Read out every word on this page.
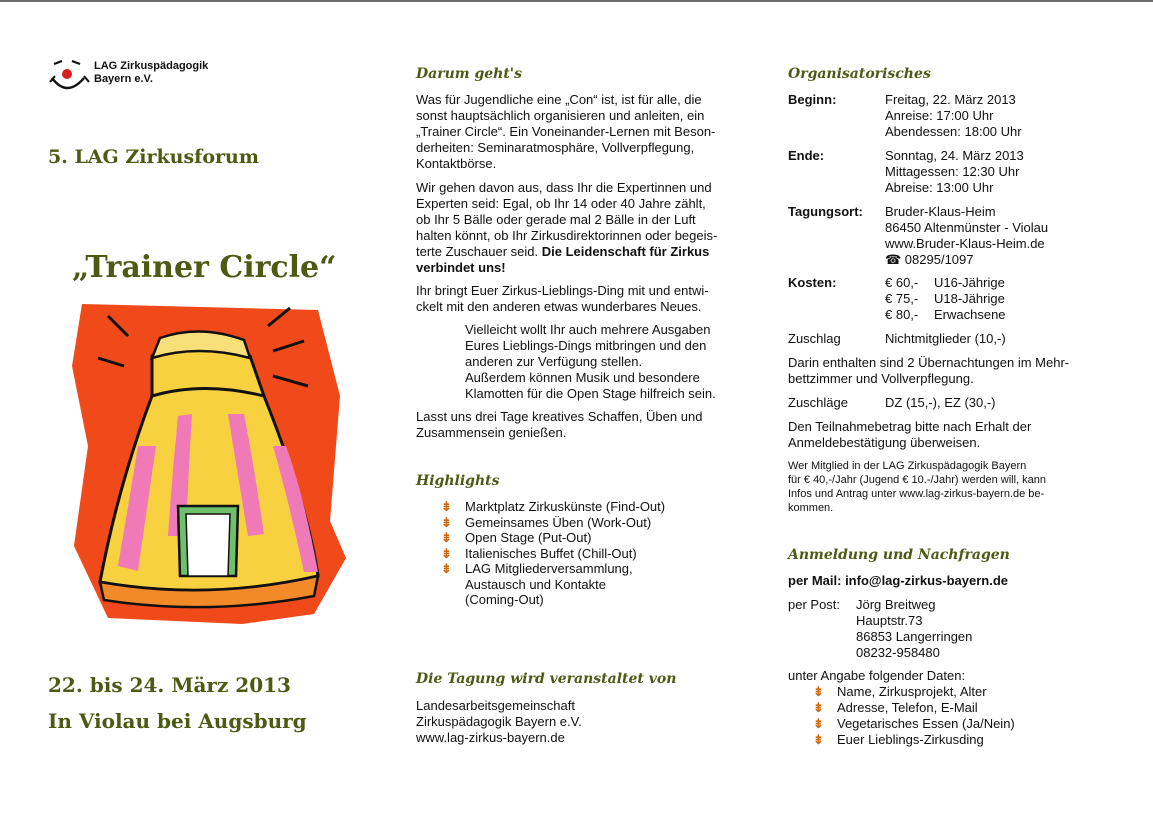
LAG Zirkuspädagogik
Bayern e.V.
5. LAG Zirkusforum
„Trainer Circle“
22. bis 24. März 2013
In Violau bei Augsburg
Darum geht's
Was für Jugendliche eine „Con“ ist, ist für alle, die
sonst hauptsächlich organisieren und anleiten, ein
„Trainer Circle“. Ein Voneinander-Lernen mit Beson-
derheiten: Seminaratmosphäre, Vollverpflegung,
Kontaktbörse.
Wir gehen davon aus, dass Ihr die Expertinnen und
Experten seid: Egal, ob Ihr 14 oder 40 Jahre zählt,
ob Ihr 5 Bälle oder gerade mal 2 Bälle in der Luft
halten könnt, ob Ihr Zirkusdirektorinnen oder begeis-
terte Zuschauer seid. Die Leidenschaft für Zirkus
verbindet uns!
Ihr bringt Euer Zirkus-Lieblings-Ding mit und entwi-
ckelt mit den anderen etwas wunderbares Neues.
Vielleicht wollt Ihr auch mehrere Ausgaben
Eures Lieblings-Dings mitbringen und den
anderen zur Verfügung stellen.
Außerdem können Musik und besondere
Klamotten für die Open Stage hilfreich sein.
Lasst uns drei Tage kreatives Schaffen, Üben und
Zusammensein genießen.
Highlights
⇟ Marktplatz Zirkuskünste (Find-Out)
⇟ Gemeinsames Üben (Work-Out)
⇟ Open Stage (Put-Out)
⇟ Italienisches Buffet (Chill-Out)
⇟ LAG Mitgliederversammlung,
Austausch und Kontakte
(Coming-Out)
Die Tagung wird veranstaltet von
Landesarbeitsgemeinschaft
Zirkuspädagogik Bayern e.V.
www.lag-zirkus-bayern.de
Organisatorisches
Beginn:	Freitag, 22. März 2013
Anreise: 17:00 Uhr
Abendessen: 18:00 Uhr
Ende:	Sonntag, 24. März 2013
Mittagessen: 12:30 Uhr
Abreise: 13:00 Uhr
Tagungsort: Bruder-Klaus-Heim
86450 Altenmünster - Violau
www.Bruder-Klaus-Heim.de
☎ 08295/1097
Kosten:	€ 60,- U16-Jährige
€ 75,- U18-Jährige
€ 80,- Erwachsene
Zuschlag	Nichtmitglieder (10,-)
Darin enthalten sind 2 Übernachtungen im Mehr-
bettzimmer und Vollverpflegung.
Zuschläge	DZ (15,-), EZ (30,-)
Den Teilnahmebetrag bitte nach Erhalt der
Anmeldebestätigung überweisen.
Wer Mitglied in der LAG Zirkuspädagogik Bayern
für € 40,-/Jahr (Jugend € 10.-/Jahr) werden will, kann
Infos und Antrag unter www.lag-zirkus-bayern.de be-
kommen.
Anmeldung und Nachfragen
per Mail: info@lag-zirkus-bayern.de
per Post: Jörg Breitweg
Hauptstr.73
86853 Langerringen
08232-958480
unter Angabe folgender Daten:
⇟ Name, Zirkusprojekt, Alter
⇟ Adresse, Telefon, E-Mail
⇟ Vegetarisches Essen (Ja/Nein)
⇟ Euer Lieblings-Zirkusding
